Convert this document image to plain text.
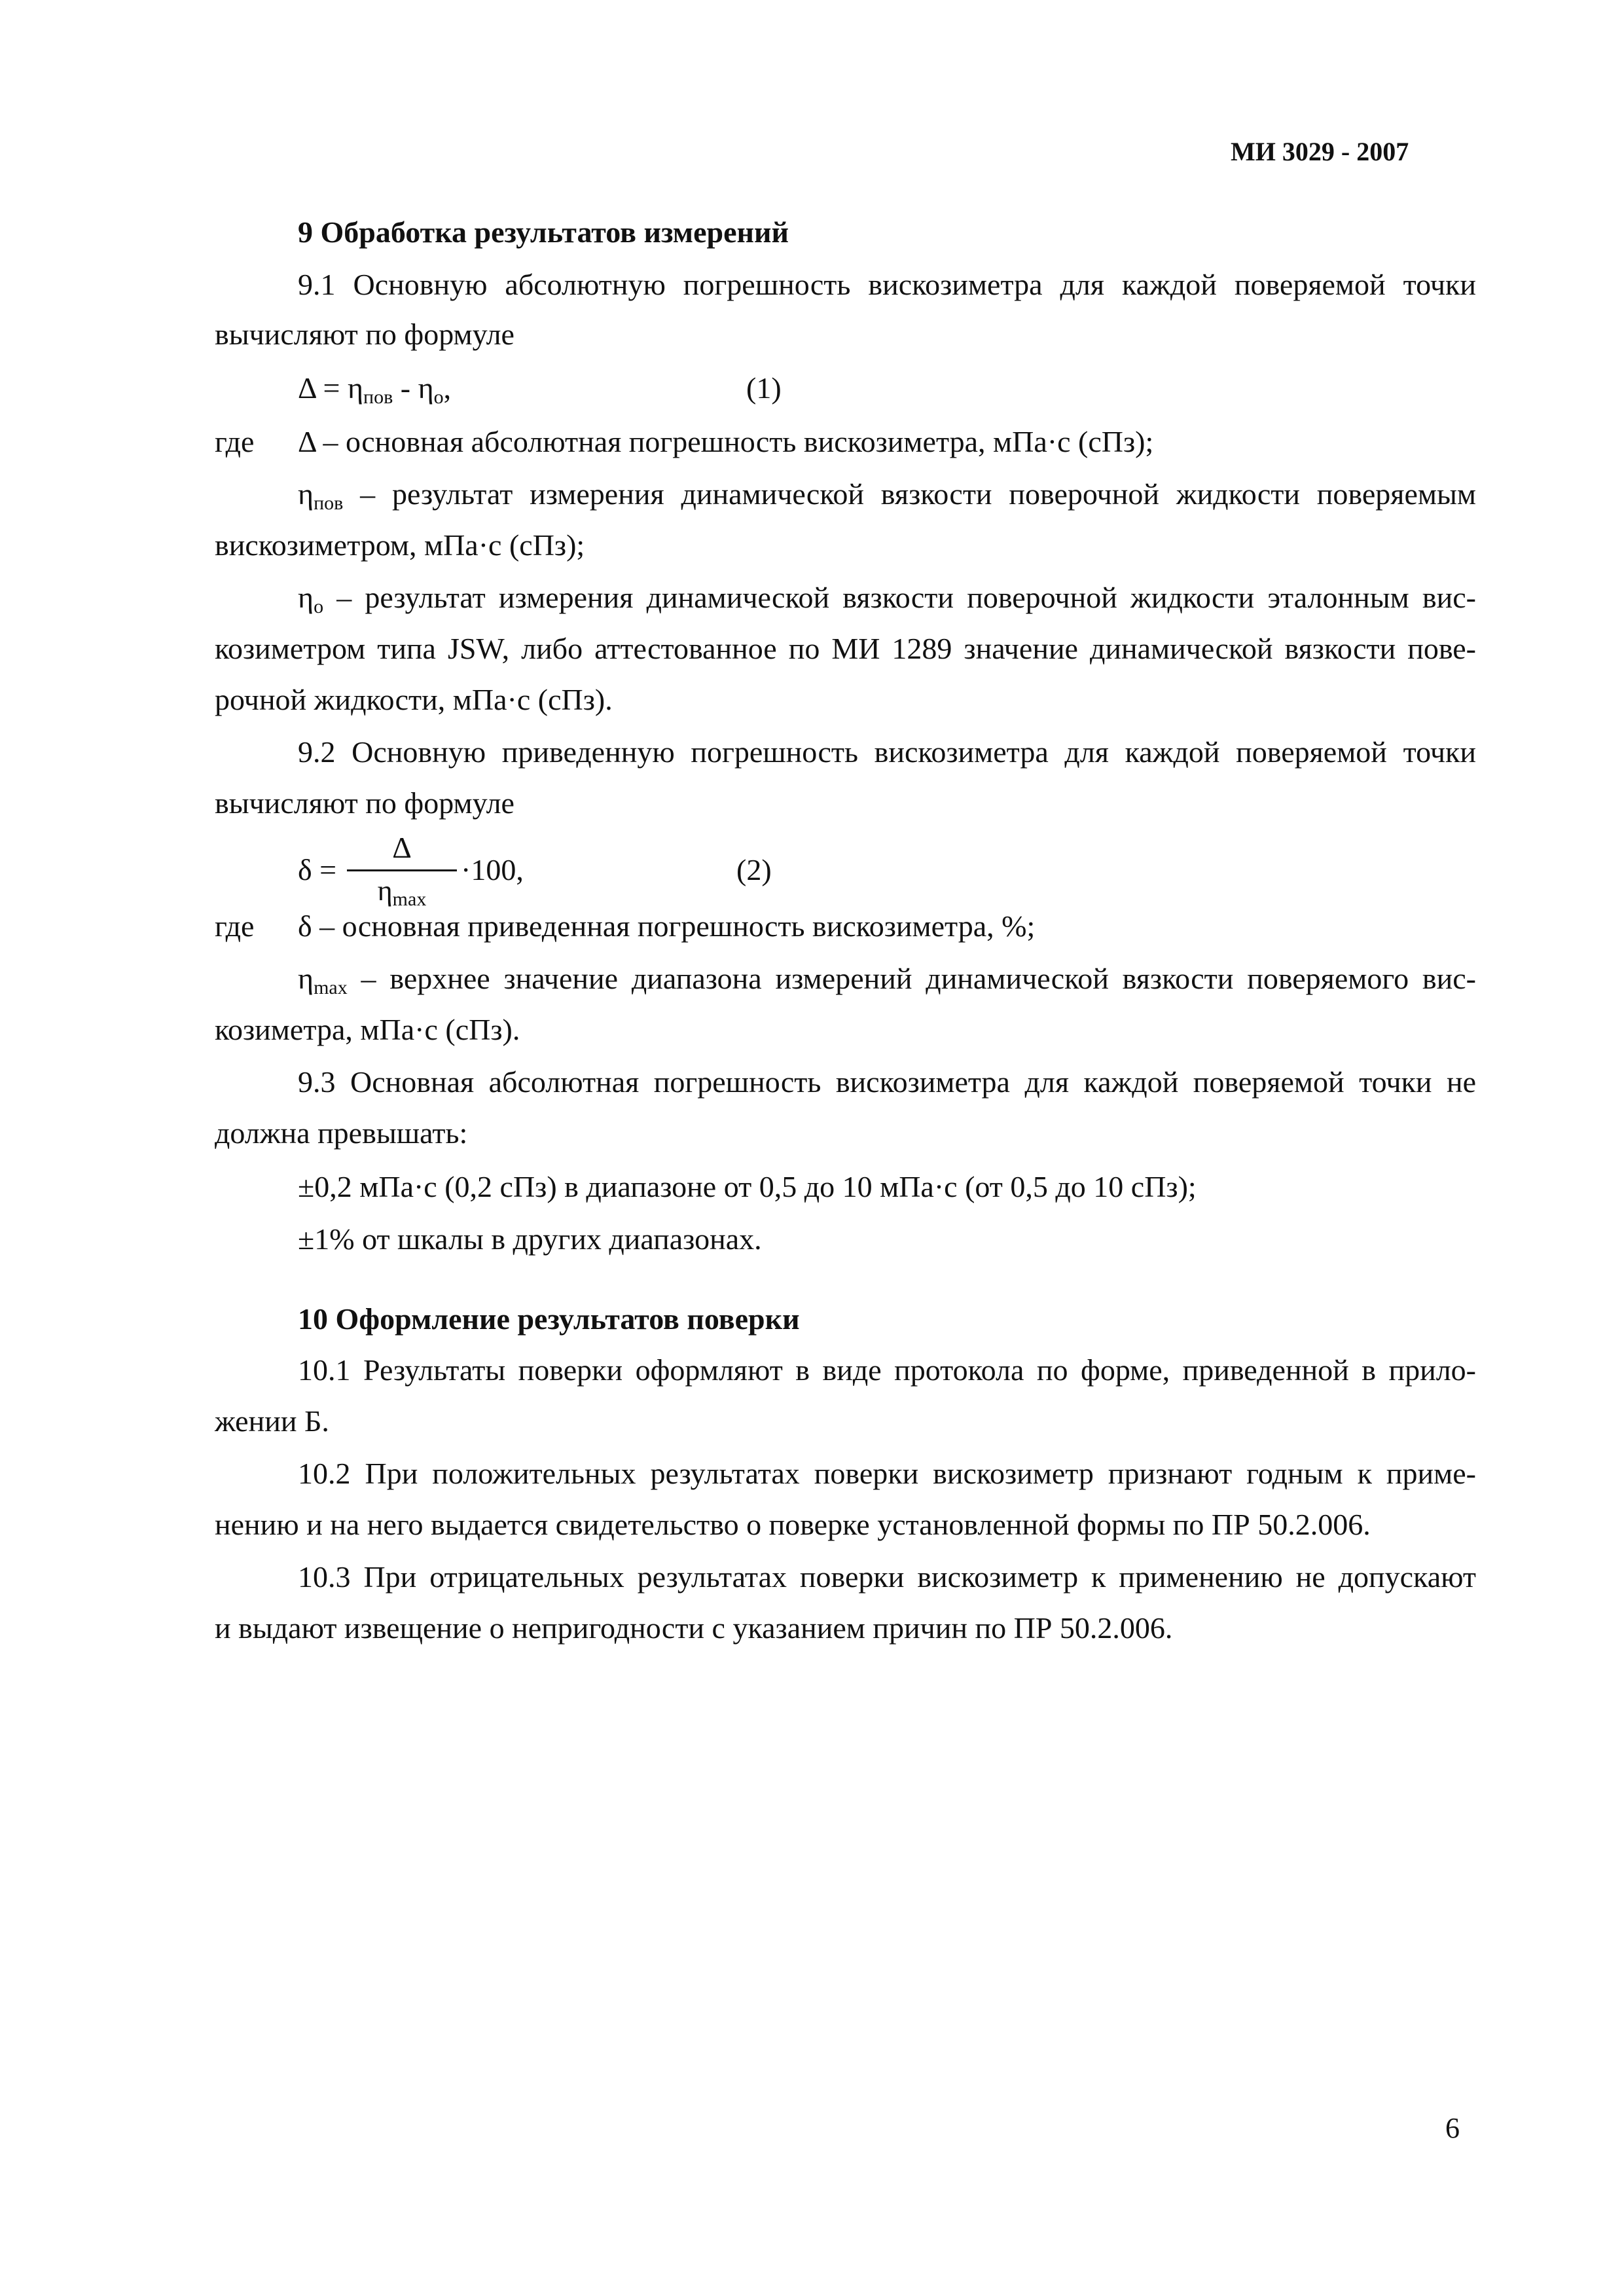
МИ 3029 - 2007
9 Обработка результатов измерений
9.1 Основную абсолютную погрешность вискозиметра для каждой поверяемой точки
вычисляют по формуле
$\Delta = \eta_{пов} - \eta_о$,	(1)
где Δ – основная абсолютная погрешность вискозиметра, мПа·с (сПз);
$\eta_{пов}$ – результат измерения динамической вязкости поверочной жидкости поверяемым
вискозиметром, мПа·с (сПз);
$\eta_о$ – результат измерения динамической вязкости поверочной жидкости эталонным вис-
козиметром типа JSW, либо аттестованное по МИ 1289 значение динамической вязкости пове-
рочной жидкости, мПа·с (сПз).
9.2 Основную приведенную погрешность вискозиметра для каждой поверяемой точки
вычисляют по формуле
δ =
Δ
$\eta_{max}$
·100,	(2)
где δ – основная приведенная погрешность вискозиметра, %;
$\eta_{max}$ – верхнее значение диапазона измерений динамической вязкости поверяемого вис-
козиметра, мПа·с (сПз).
9.3 Основная абсолютная погрешность вискозиметра для каждой поверяемой точки не
должна превышать:
±0,2 мПа·с (0,2 сПз) в диапазоне от 0,5 до 10 мПа·с (от 0,5 до 10 сПз);
±1% от шкалы в других диапазонах.
10 Оформление результатов поверки
10.1 Результаты поверки оформляют в виде протокола по форме, приведенной в прило-
жении Б.
10.2 При положительных результатах поверки вискозиметр признают годным к приме-
нению и на него выдается свидетельство о поверке установленной формы по ПР 50.2.006.
10.3 При отрицательных результатах поверки вискозиметр к применению не допускают
и выдают извещение о непригодности с указанием причин по ПР 50.2.006.
6
